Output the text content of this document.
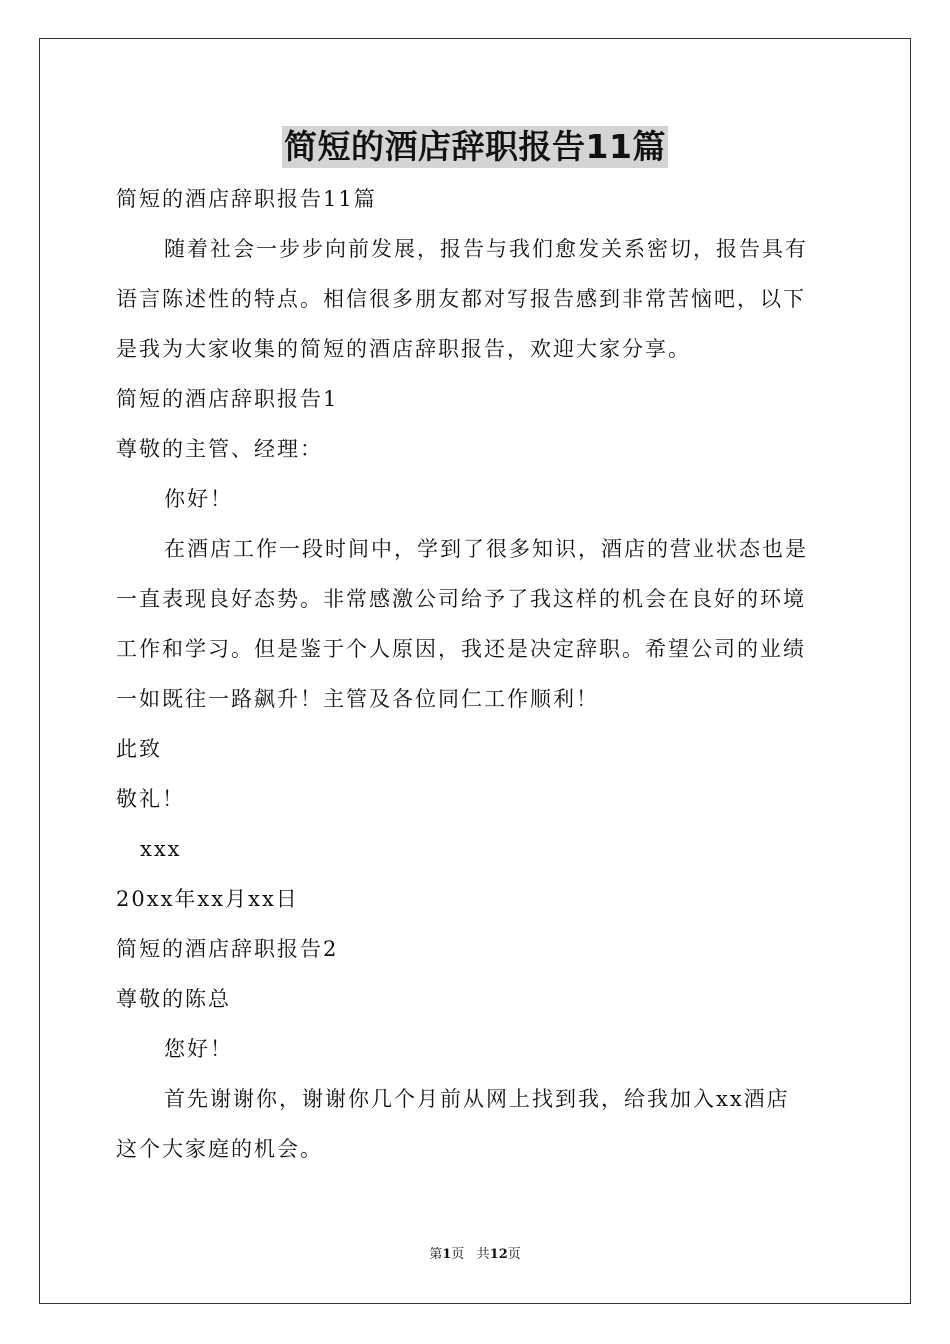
简短的酒店辞职报告11篇
简短的酒店辞职报告11篇
随着社会一步步向前发展，报告与我们愈发关系密切，报告具有
语言陈述性的特点。相信很多朋友都对写报告感到非常苦恼吧，以下
是我为大家收集的简短的酒店辞职报告，欢迎大家分享。
简短的酒店辞职报告1
尊敬的主管、经理：
你好！
在酒店工作一段时间中，学到了很多知识，酒店的营业状态也是
一直表现良好态势。非常感激公司给予了我这样的机会在良好的环境
工作和学习。但是鉴于个人原因，我还是决定辞职。希望公司的业绩
一如既往一路飙升！主管及各位同仁工作顺利！
此致
敬礼！
xxx
20xx年xx月xx日
简短的酒店辞职报告2
尊敬的陈总
您好！
首先谢谢你，谢谢你几个月前从网上找到我，给我加入xx酒店
这个大家庭的机会。
第1页 共12页
